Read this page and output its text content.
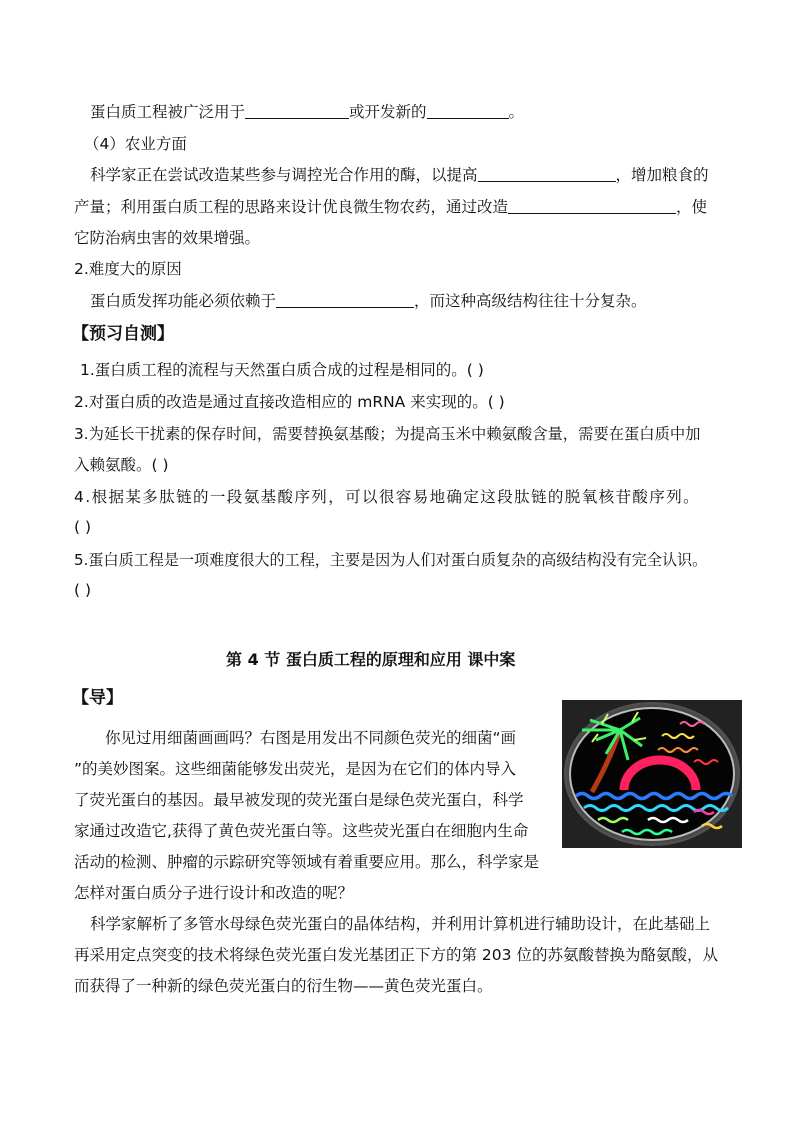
蛋白质工程被广泛用于	或开发新的	。
（4）农业方面
科学家正在尝试改造某些参与调控光合作用的酶，以提高	，增加粮食的
产量；利用蛋白质工程的思路来设计优良微生物农药，通过改造	，使
它防治病虫害的效果增强。
2.难度大的原因
蛋白质发挥功能必须依赖于	，而这种高级结构往往十分复杂。
【预习自测】
1.蛋白质工程的流程与天然蛋白质合成的过程是相同的。( )
2.对蛋白质的改造是通过直接改造相应的 mRNA 来实现的。( )
3.为延长干扰素的保存时间，需要替换氨基酸；为提高玉米中赖氨酸含量，需要在蛋白质中加
入赖氨酸。( )
4.根据某多肽链的一段氨基酸序列，可以很容易地确定这段肽链的脱氧核苷酸序列。
( )
5.蛋白质工程是一项难度很大的工程，主要是因为人们对蛋白质复杂的高级结构没有完全认识。
( )
第 4 节 蛋白质工程的原理和应用 课中案
【导】
你见过用细菌画画吗？右图是用发出不同颜色荧光的细菌“画
”的美妙图案。这些细菌能够发出荧光，是因为在它们的体内导入
了荧光蛋白的基因。最早被发现的荧光蛋白是绿色荧光蛋白，科学
家通过改造它,获得了黄色荧光蛋白等。这些荧光蛋白在细胞内生命
活动的检测、肿瘤的示踪研究等领域有着重要应用。那么，科学家是
怎样对蛋白质分子进行设计和改造的呢？
科学家解析了多管水母绿色荧光蛋白的晶体结构，并利用计算机进行辅助设计，在此基础上
再采用定点突变的技术将绿色荧光蛋白发光基团正下方的第 203 位的苏氨酸替换为酪氨酸，从
而获得了一种新的绿色荧光蛋白的衍生物——黄色荧光蛋白。
